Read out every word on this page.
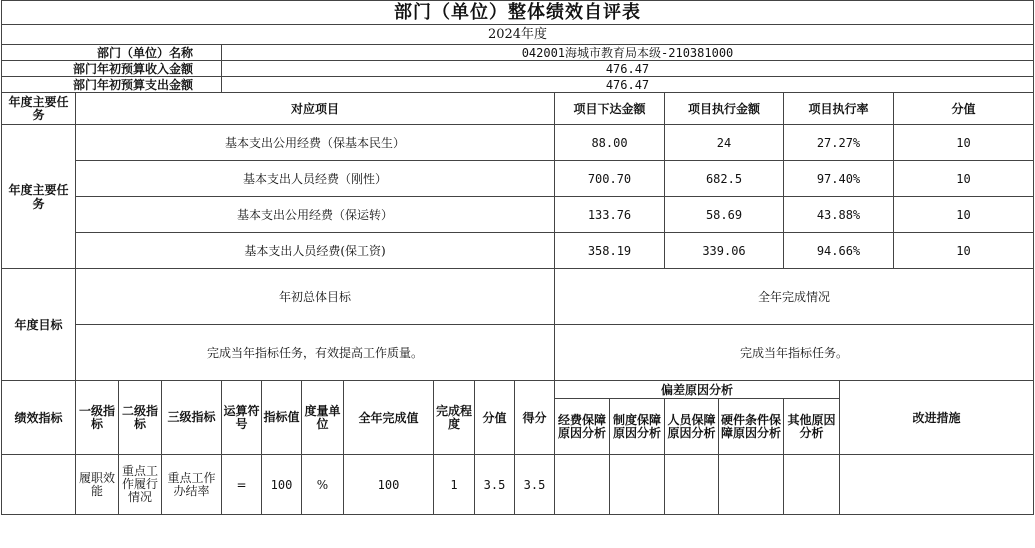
部门（单位）整体绩效自评表																	
2024年度																	
部门（单位）名称				042001海城市教育局本级-210381000													
部门年初预算收入金额				476.47													
部门年初预算支出金额				476.47													
年度主要任务	对应项目										项目下达金额		项目执行金额		项目执行率		分值
年度主要任务	基本支出公用经费（保基本民生）										88.00		24		27.27%		10
	基本支出人员经费（刚性）										700.70		682.5		97.40%		10
	基本支出公用经费（保运转）										133.76		58.69		43.88%		10
	基本支出人员经费(保工资)										358.19		339.06		94.66%		10
年度目标	年初总体目标										全年完成情况						
	完成当年指标任务，有效提高工作质量。										完成当年指标任务。						
绩效指标	一级指标	二级指标	三级指标	运算符号	指标值	度量单位	全年完成值	完成程度	分值	得分	偏差原因分析					改进措施	
											经费保障原因分析	制度保障原因分析	人员保障原因分析	硬件条件保障原因分析	其他原因分析		
	履职效能	重点工作履行情况	重点工作办结率	=	100	%	100	1	3.5	3.5							
